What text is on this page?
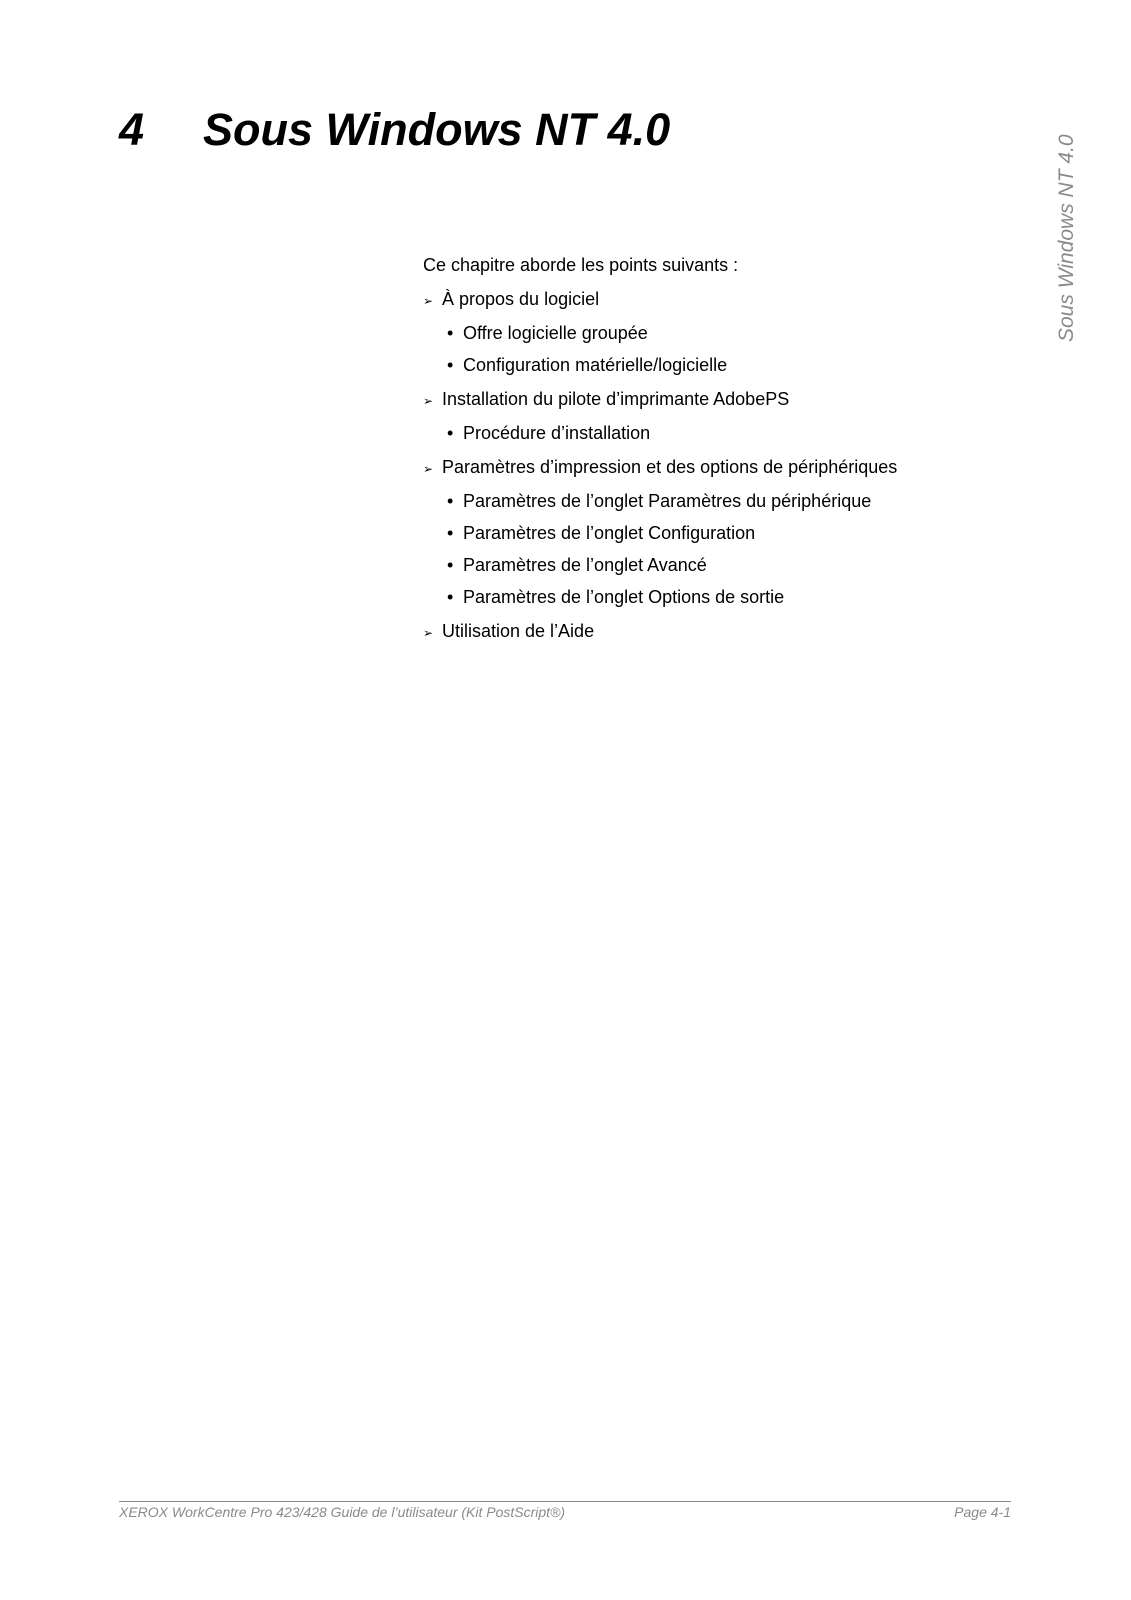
4 Sous Windows NT 4.0
Sous Windows NT 4.0

Ce chapitre aborde les points suivants :

➢ À propos du logiciel
• Offre logicielle groupée
• Configuration matérielle/logicielle
➢ Installation du pilote d’imprimante AdobePS
• Procédure d’installation
➢ Paramètres d’impression et des options de périphériques
• Paramètres de l’onglet Paramètres du périphérique
• Paramètres de l’onglet Configuration
• Paramètres de l’onglet Avancé
• Paramètres de l’onglet Options de sortie
➢ Utilisation de l’Aide
XEROX WorkCentre Pro 423/428 Guide de l’utilisateur (Kit PostScript®)	Page 4-1
